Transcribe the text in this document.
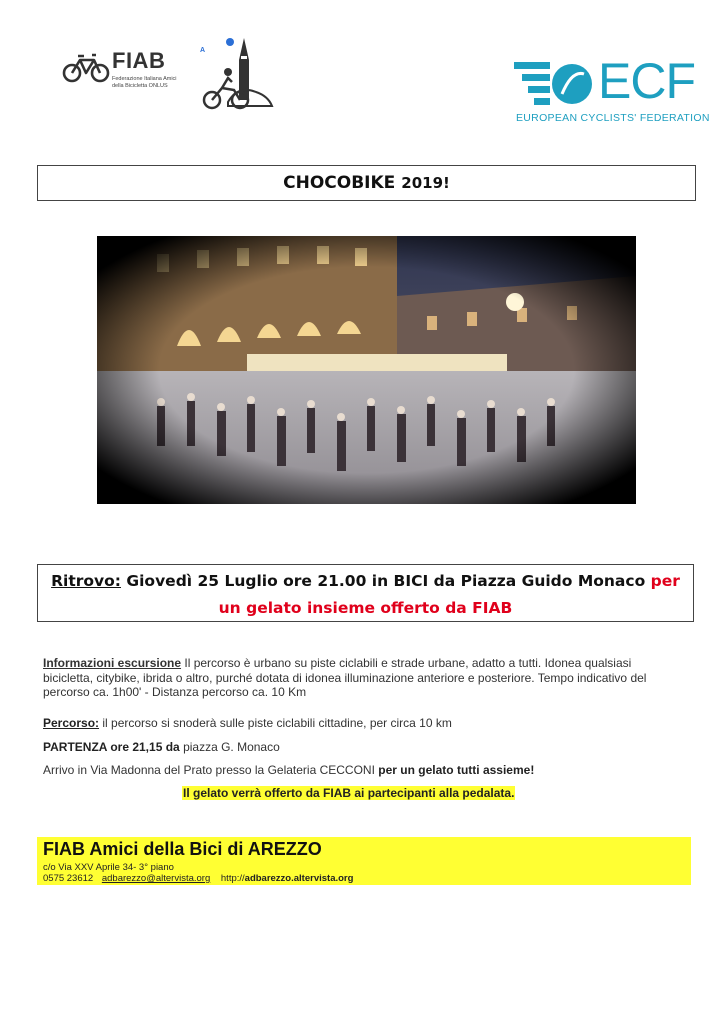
FIAB
Federazione Italiana Amici della Bicicletta ONLUS
A
ECF
EUROPEAN CYCLISTS' FEDERATION
CHOCOBIKE 2019!
Ritrovo: Giovedì 25 Luglio ore 21.00 in BICI da Piazza Guido Monaco per un gelato insieme offerto da FIAB
Informazioni escursione Il percorso è urbano su piste ciclabili e strade urbane, adatto a tutti. Idonea qualsiasi bicicletta, citybike, ibrida o altro, purché dotata di idonea illuminazione anteriore e posteriore. Tempo indicativo del percorso ca. 1h00' - Distanza percorso ca. 10 Km
Percorso: il percorso si snoderà sulle piste ciclabili cittadine, per circa 10 km
PARTENZA ore 21,15 da piazza G. Monaco
Arrivo in Via Madonna del Prato presso la Gelateria CECCONI per un gelato tutti assieme!
Il gelato verrà offerto da FIAB ai partecipanti alla pedalata.
FIAB Amici della Bici di AREZZO
c/o Via XXV Aprile 34- 3° piano
0575 23612 adbarezzo@altervista.org http://adbarezzo.altervista.org
